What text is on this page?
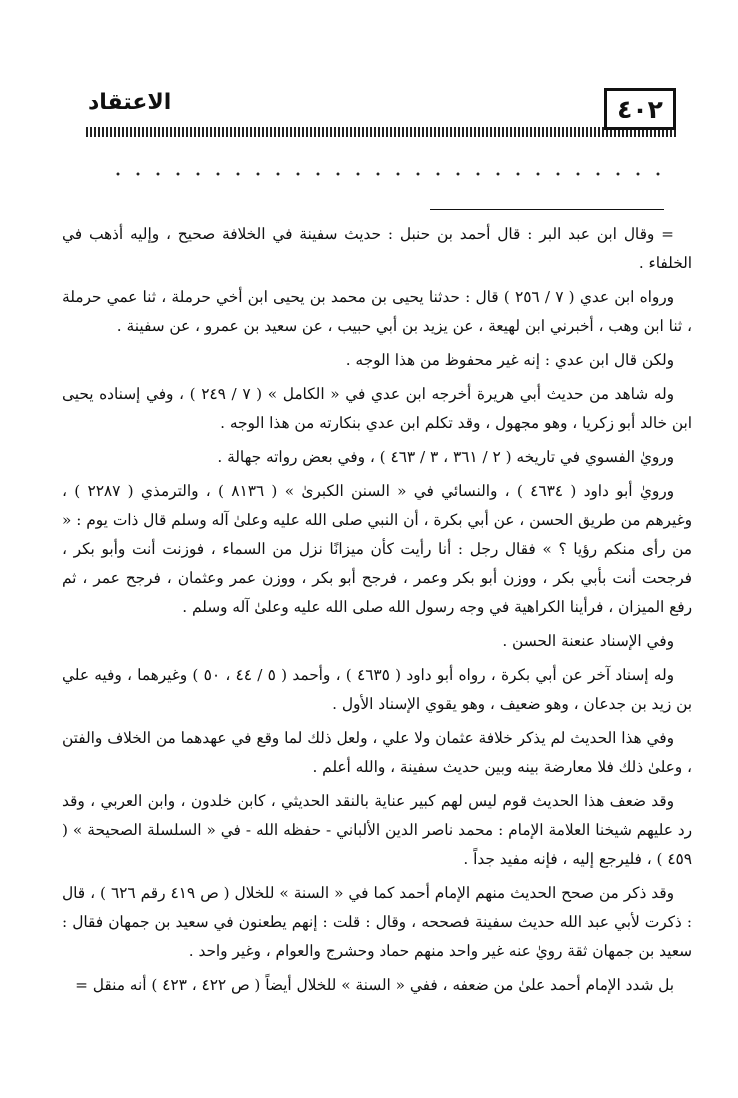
٤٠٢
الاعتقاد

= وقال ابن عبد البر : قال أحمد بن حنبل : حديث سفينة في الخلافة صحيح ، وإليه أذهب في الخلفاء .

ورواه ابن عدي ( ٧ / ٢٥٦ ) قال : حدثنا يحيى بن محمد بن يحيى ابن أخي حرملة ، ثنا عمي حرملة ، ثنا ابن وهب ، أخبرني ابن لهيعة ، عن يزيد بن أبي حبيب ، عن سعيد بن عمرو ، عن سفينة .

ولكن قال ابن عدي : إنه غير محفوظ من هذا الوجه .

وله شاهد من حديث أبي هريرة أخرجه ابن عدي في « الكامل » ( ٧ / ٢٤٩ ) ، وفي إسناده يحيى ابن خالد أبو زكريا ، وهو مجهول ، وقد تكلم ابن عدي بنكارته من هذا الوجه .

ورويٰ الفسوي في تاريخه ( ٢ / ٣٦١ ، ٣ / ٤٦٣ ) ، وفي بعض رواته جهالة .

ورويٰ أبو داود ( ٤٦٣٤ ) ، والنسائي في « السنن الكبرىٰ » ( ٨١٣٦ ) ، والترمذي ( ٢٢٨٧ ) ، وغيرهم من طريق الحسن ، عن أبي بكرة ، أن النبي صلى الله عليه وعلىٰ آله وسلم قال ذات يوم : « من رأى منكم رؤيا ؟ » فقال رجل : أنا رأيت كأن ميزانًا نزل من السماء ، فوزنت أنت وأبو بكر ، فرجحت أنت بأبي بكر ، ووزن أبو بكر وعمر ، فرجح أبو بكر ، ووزن عمر وعثمان ، فرجح عمر ، ثم رفع الميزان ، فرأينا الكراهية في وجه رسول الله صلى الله عليه وعلىٰ آله وسلم .

وفي الإسناد عنعنة الحسن .

وله إسناد آخر عن أبي بكرة ، رواه أبو داود ( ٤٦٣٥ ) ، وأحمد ( ٥ / ٤٤ ، ٥٠ ) وغيرهما ، وفيه علي بن زيد بن جدعان ، وهو ضعيف ، وهو يقوي الإسناد الأول .

وفي هذا الحديث لم يذكر خلافة عثمان ولا علي ، ولعل ذلك لما وقع في عهدهما من الخلاف والفتن ، وعلىٰ ذلك فلا معارضة بينه وبين حديث سفينة ، والله أعلم .

وقد ضعف هذا الحديث قوم ليس لهم كبير عناية بالنقد الحديثي ، كابن خلدون ، وابن العربي ، وقد رد عليهم شيخنا العلامة الإمام : محمد ناصر الدين الألباني - حفظه الله - في « السلسلة الصحيحة » ( ٤٥٩ ) ، فليرجع إليه ، فإنه مفيد جداً .

وقد ذكر من صحح الحديث منهم الإمام أحمد كما في « السنة » للخلال ( ص ٤١٩ رقم ٦٢٦ ) ، قال : ذكرت لأبي عبد الله حديث سفينة فصححه ، وقال : قلت : إنهم يطعنون في سعيد بن جمهان فقال : سعيد بن جمهان ثقة رويٰ عنه غير واحد منهم حماد وحشرج والعوام ، وغير واحد .

بل شدد الإمام أحمد علىٰ من ضعفه ، ففي « السنة » للخلال أيضاً ( ص ٤٢٢ ، ٤٢٣ ) أنه منقل =
